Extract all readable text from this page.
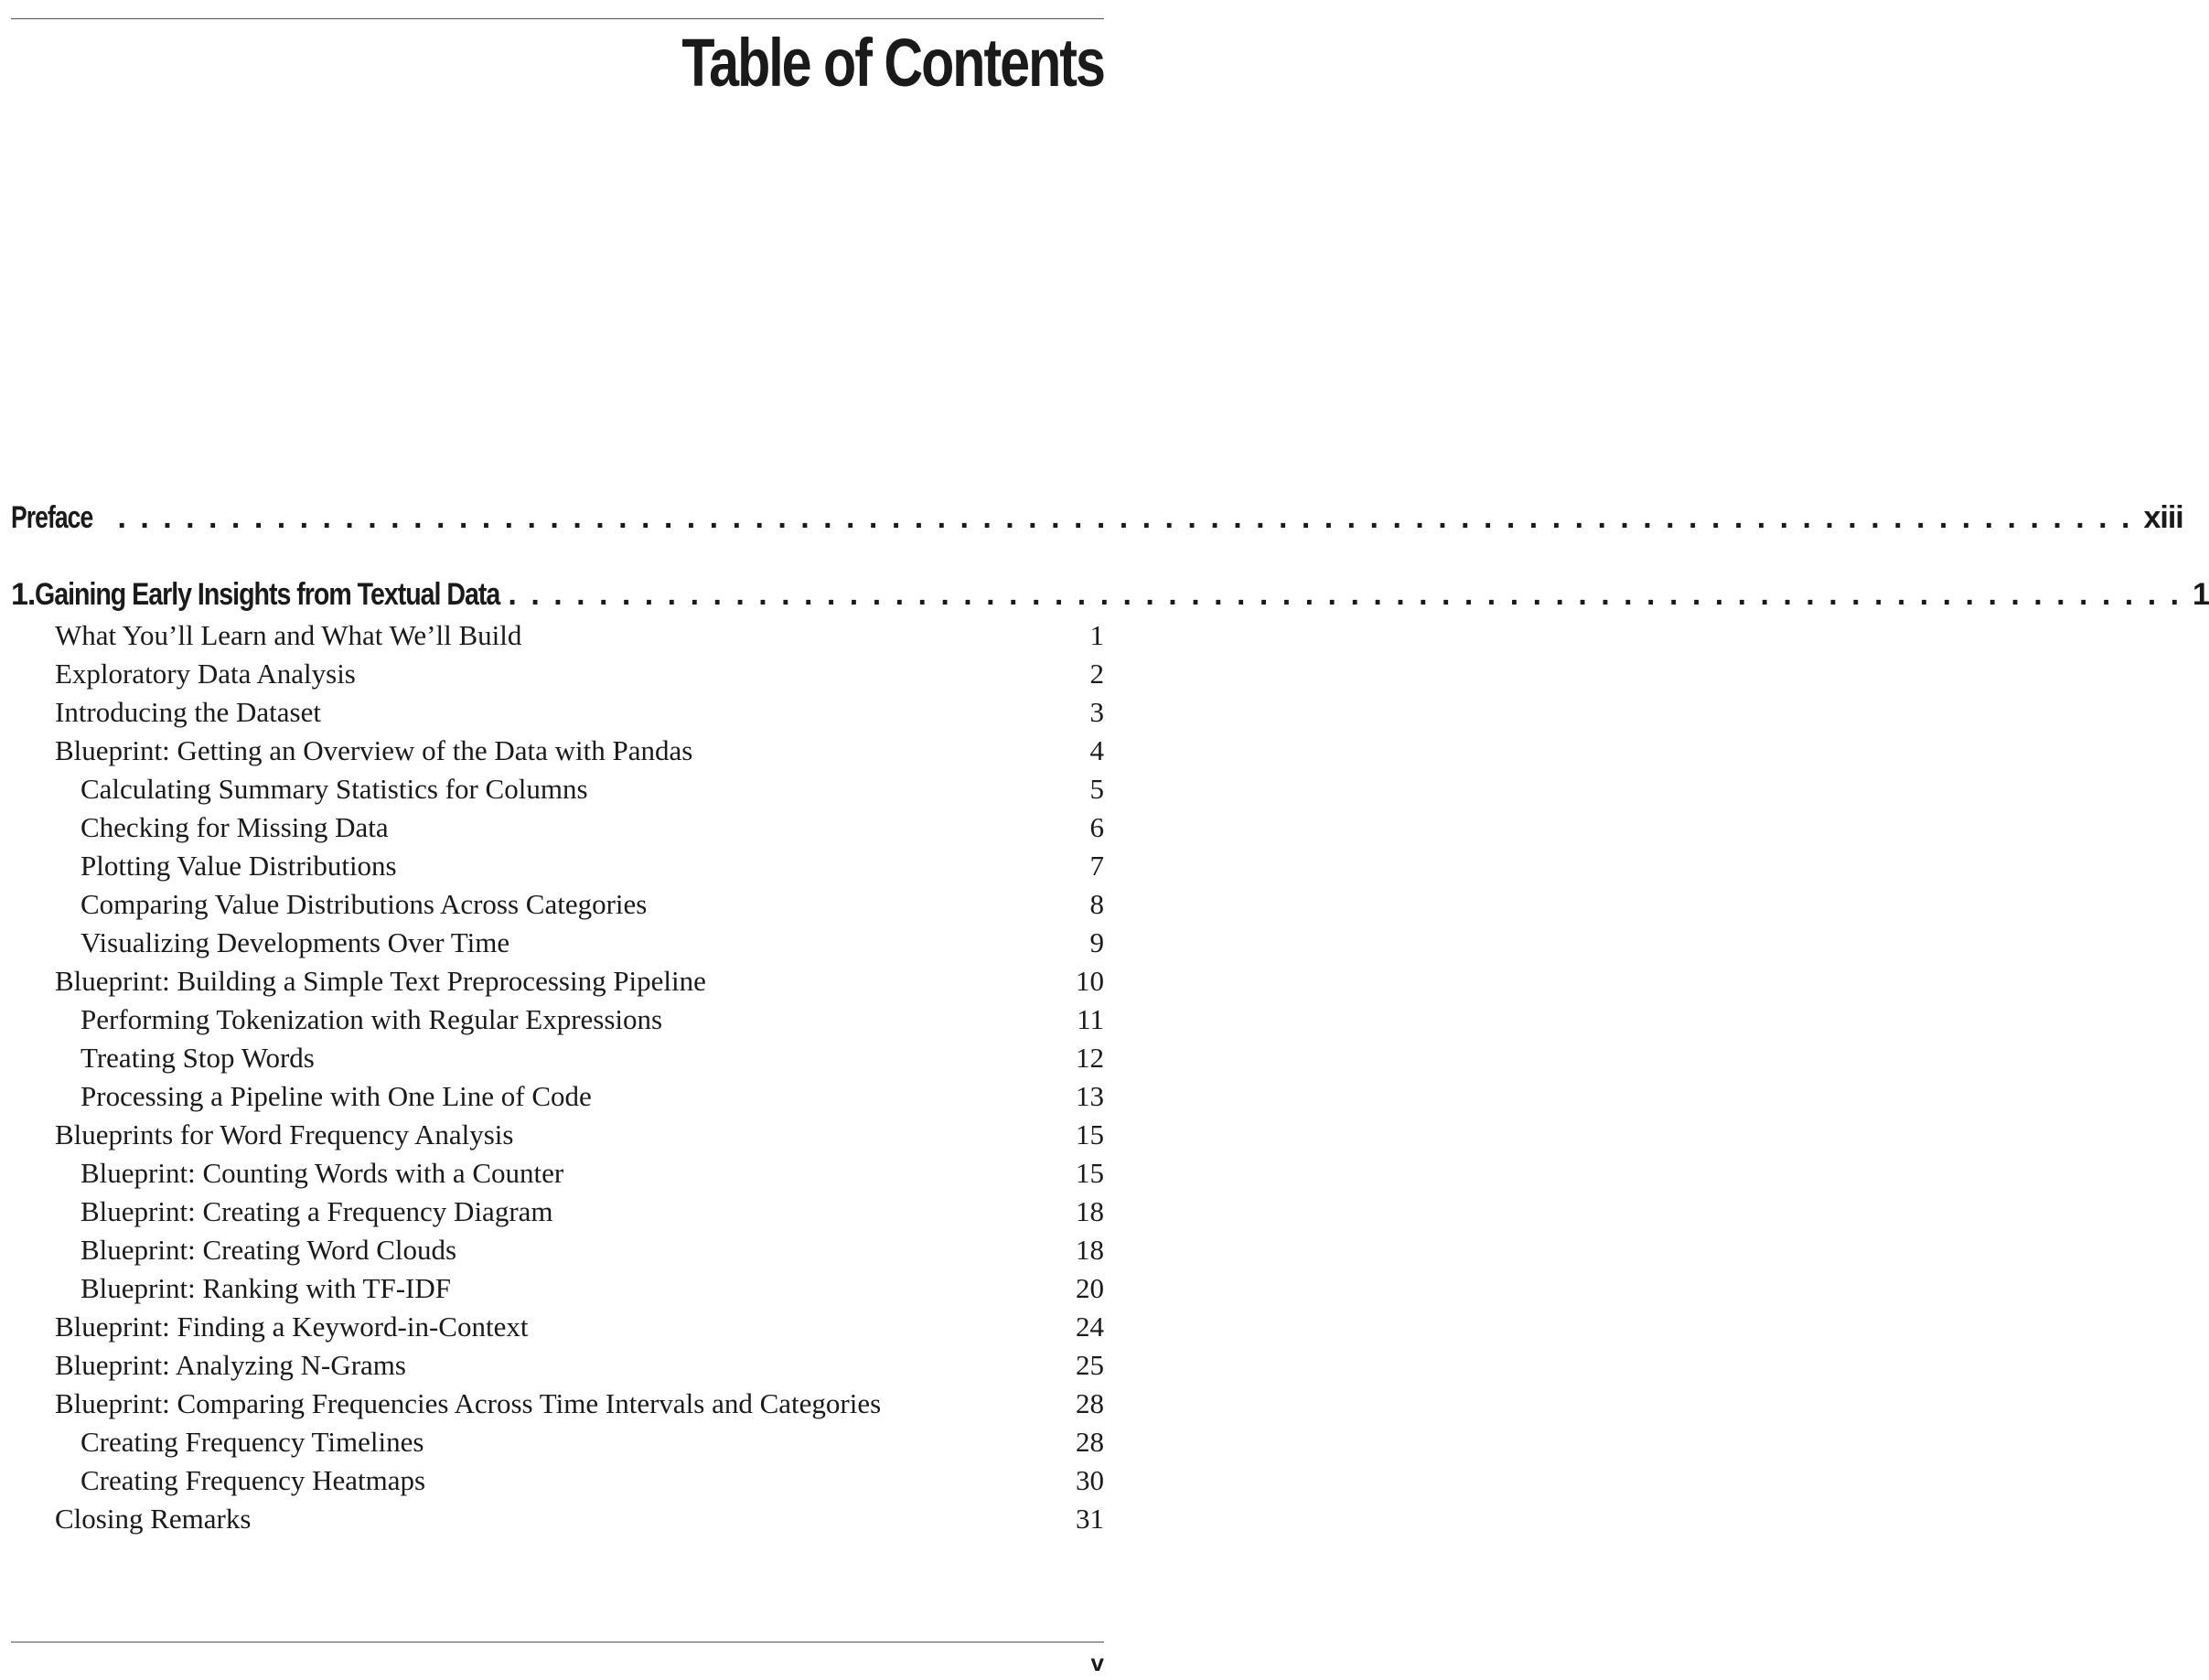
Table of Contents
Preface . . . . . . . . . . . . . . . . . . . . . . . . . . . . . . . . . . . . . . . . . . . . . . . . . . . . . . . . . . . . . . . . . . . . . . . . . . . . . . . . . . . . . . . . . xiii
1. Gaining Early Insights from Textual Data . . . . . . . . . . . . . . . . . . . . . . . . . . . . . . . . . . . . . . . . . . . . . . . . . . . . . . . . . . . . . . . . . . . . . . . . . . 1
What You’ll Learn and What We’ll Build	1
Exploratory Data Analysis	2
Introducing the Dataset	3
Blueprint: Getting an Overview of the Data with Pandas	4
Calculating Summary Statistics for Columns	5
Checking for Missing Data	6
Plotting Value Distributions	7
Comparing Value Distributions Across Categories	8
Visualizing Developments Over Time	9
Blueprint: Building a Simple Text Preprocessing Pipeline	10
Performing Tokenization with Regular Expressions	11
Treating Stop Words	12
Processing a Pipeline with One Line of Code	13
Blueprints for Word Frequency Analysis	15
Blueprint: Counting Words with a Counter	15
Blueprint: Creating a Frequency Diagram	18
Blueprint: Creating Word Clouds	18
Blueprint: Ranking with TF-IDF	20
Blueprint: Finding a Keyword-in-Context	24
Blueprint: Analyzing N-Grams	25
Blueprint: Comparing Frequencies Across Time Intervals and Categories	28
Creating Frequency Timelines	28
Creating Frequency Heatmaps	30
Closing Remarks	31
v
